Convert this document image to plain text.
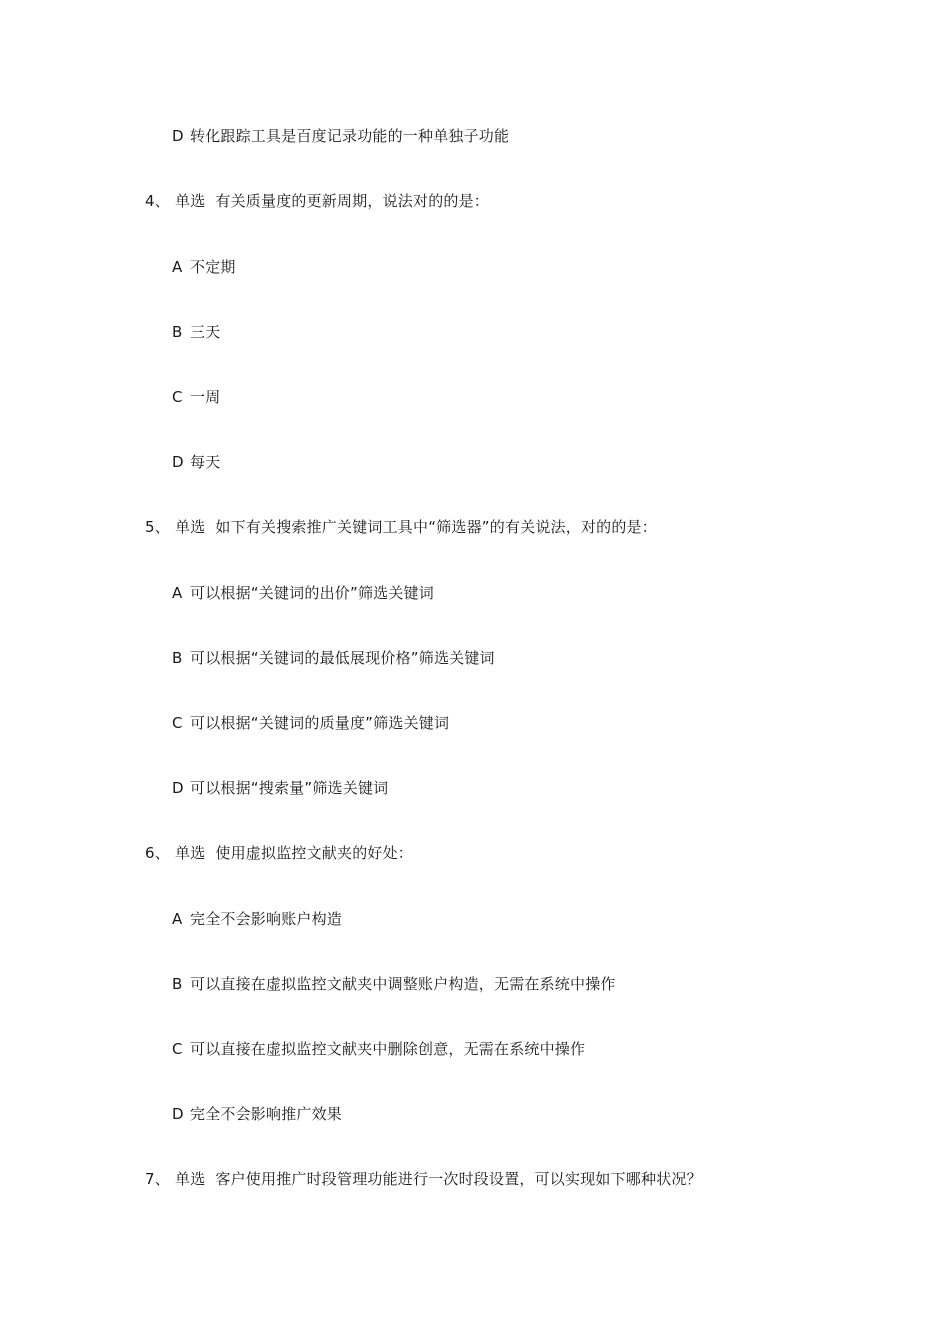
D 转化跟踪工具是百度记录功能的一种单独子功能
4、 单选 有关质量度的更新周期，说法对的的是：
A 不定期
B 三天
C 一周
D 每天
5、 单选 如下有关搜索推广关键词工具中“筛选器”的有关说法，对的的是：
A 可以根据“关键词的出价”筛选关键词
B 可以根据“关键词的最低展现价格”筛选关键词
C 可以根据“关键词的质量度”筛选关键词
D 可以根据“搜索量”筛选关键词
6、 单选 使用虚拟监控文献夹的好处：
A 完全不会影响账户构造
B 可以直接在虚拟监控文献夹中调整账户构造，无需在系统中操作
C 可以直接在虚拟监控文献夹中删除创意，无需在系统中操作
D 完全不会影响推广效果
7、 单选 客户使用推广时段管理功能进行一次时段设置，可以实现如下哪种状况？
